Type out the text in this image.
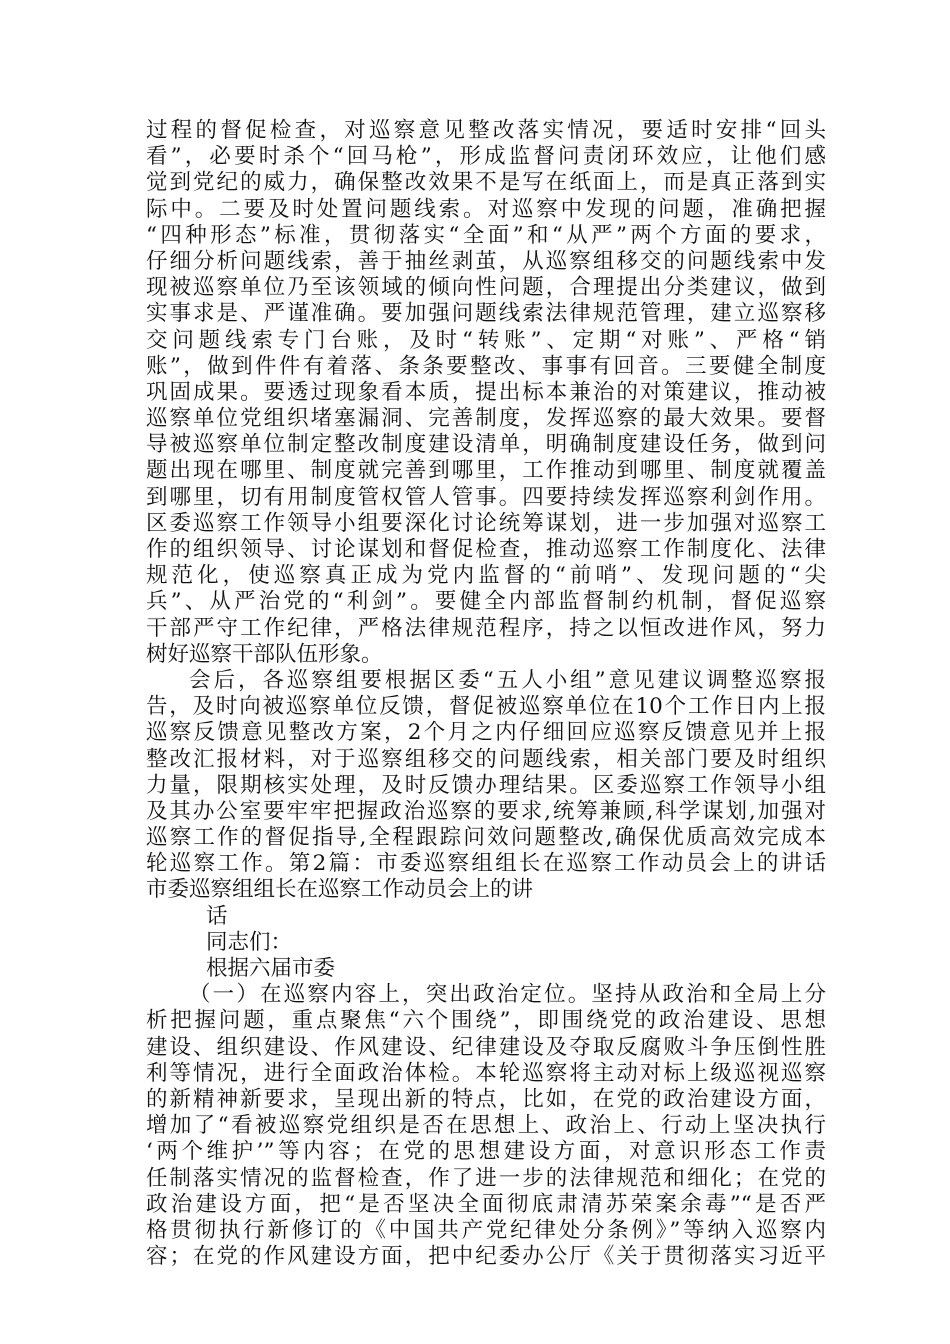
过程的督促检查，对巡察意见整改落实情况，要适时安排“回头
看”，必要时杀个“回马枪”，形成监督问责闭环效应，让他们感
觉到党纪的威力，确保整改效果不是写在纸面上，而是真正落到实
际中。二要及时处置问题线索。对巡察中发现的问题，准确把握
“四种形态”标准，贯彻落实“全面”和“从严”两个方面的要求，
仔细分析问题线索，善于抽丝剥茧，从巡察组移交的问题线索中发
现被巡察单位乃至该领域的倾向性问题，合理提出分类建议，做到
实事求是、严谨准确。要加强问题线索法律规范管理，建立巡察移
交问题线索专门台账，及时“转账”、定期“对账”、严格“销
账”，做到件件有着落、条条要整改、事事有回音。三要健全制度
巩固成果。要透过现象看本质，提出标本兼治的对策建议，推动被
巡察单位党组织堵塞漏洞、完善制度，发挥巡察的最大效果。要督
导被巡察单位制定整改制度建设清单，明确制度建设任务，做到问
题出现在哪里、制度就完善到哪里，工作推动到哪里、制度就覆盖
到哪里，切有用制度管权管人管事。四要持续发挥巡察利剑作用。
区委巡察工作领导小组要深化讨论统筹谋划，进一步加强对巡察工
作的组织领导、讨论谋划和督促检查，推动巡察工作制度化、法律
规范化，使巡察真正成为党内监督的“前哨”、发现问题的“尖
兵”、从严治党的“利剑”。要健全内部监督制约机制，督促巡察
干部严守工作纪律，严格法律规范程序，持之以恒改进作风，努力
树好巡察干部队伍形象。
会后，各巡察组要根据区委“五人小组”意见建议调整巡察报
告，及时向被巡察单位反馈，督促被巡察单位在10个工作日内上报
巡察反馈意见整改方案，2个月之内仔细回应巡察反馈意见并上报
整改汇报材料，对于巡察组移交的问题线索，相关部门要及时组织
力量，限期核实处理，及时反馈办理结果。区委巡察工作领导小组
及其办公室要牢牢把握政治巡察的要求,统筹兼顾,科学谋划,加强对
巡察工作的督促指导,全程跟踪问效问题整改,确保优质高效完成本
轮巡察工作。第2篇：市委巡察组组长在巡察工作动员会上的讲话
市委巡察组组长在巡察工作动员会上的讲
话
同志们：
根据六届市委
（一）在巡察内容上，突出政治定位。坚持从政治和全局上分
析把握问题，重点聚焦“六个围绕”，即围绕党的政治建设、思想
建设、组织建设、作风建设、纪律建设及夺取反腐败斗争压倒性胜
利等情况，进行全面政治体检。本轮巡察将主动对标上级巡视巡察
的新精神新要求，呈现出新的特点，比如，在党的政治建设方面，
增加了“看被巡察党组织是否在思想上、政治上、行动上坚决执行
‘两个维护’”等内容；在党的思想建设方面，对意识形态工作责
任制落实情况的监督检查，作了进一步的法律规范和细化；在党的
政治建设方面，把“是否坚决全面彻底肃清苏荣案余毒”“是否严
格贯彻执行新修订的《中国共产党纪律处分条例》”等纳入巡察内
容；在党的作风建设方面，把中纪委办公厅《关于贯彻落实习近平
